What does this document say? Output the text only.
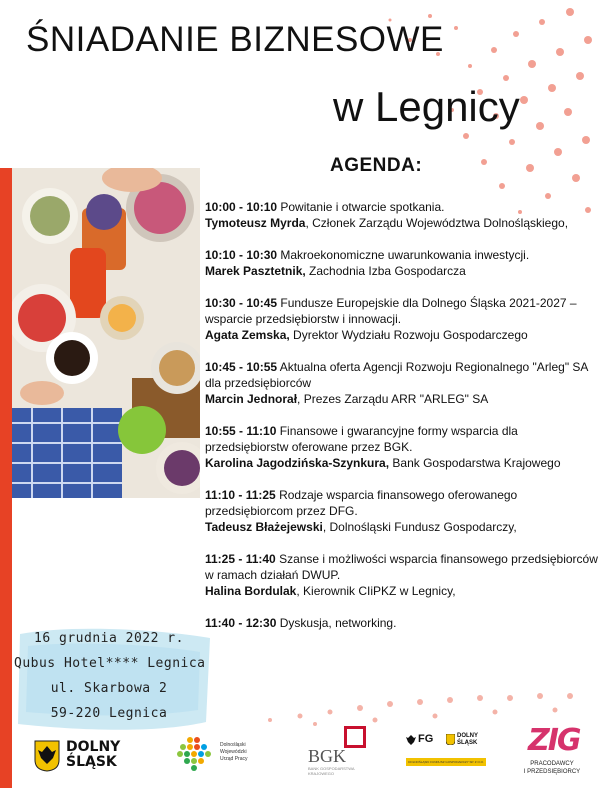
ŚNIADANIE BIZNESOWE
w Legnicy
AGENDA:
10:00 - 10:10 Powitanie i otwarcie spotkania.
Tymoteusz Myrda, Członek Zarządu Województwa Dolnośląskiego,
10:10 - 10:30 Makroekonomiczne uwarunkowania inwestycji.
Marek Pasztetnik, Zachodnia Izba Gospodarcza
10:30 - 10:45 Fundusze Europejskie dla Dolnego Śląska 2021-2027 – wsparcie przedsiębiorstw i innowacji.
Agata Zemska, Dyrektor Wydziału Rozwoju Gospodarczego
10:45 - 10:55 Aktualna oferta Agencji Rozwoju Regionalnego "Arleg" SA dla przedsiębiorców
Marcin Jednorał, Prezes Zarządu ARR "ARLEG" SA
10:55 - 11:10 Finansowe i gwarancyjne formy wsparcia dla przedsiębiorstw oferowane przez BGK.
Karolina Jagodzińska-Szynkura, Bank Gospodarstwa Krajowego
11:10 - 11:25 Rodzaje wsparcia finansowego oferowanego przedsiębiorcom przez DFG.
Tadeusz Błażejewski, Dolnośląski Fundusz Gospodarczy,
11:25 - 11:40 Szanse i możliwości wsparcia finansowego przedsiębiorców w ramach działań DWUP.
Halina Bordulak, Kierownik CIiPKZ w Legnicy,
11:40 - 12:30 Dyskusja, networking.
16 grudnia 2022 r.
Qubus Hotel**** Legnica
ul. Skarbowa 2
59-220 Legnica
DOLNY
ŚLĄSK
Dolnośląski
Wojewódzki
Urząd Pracy	BGK
BANK GOSPODARSTWA
KRAJOWEGO
FG	DOLNY
ŚLĄSK
DOLNOŚLĄSKI FUNDUSZ GOSPODARCZY SP. Z O.O.
ZIG
PRACODAWCY
I PRZEDSIĘBIORCY
